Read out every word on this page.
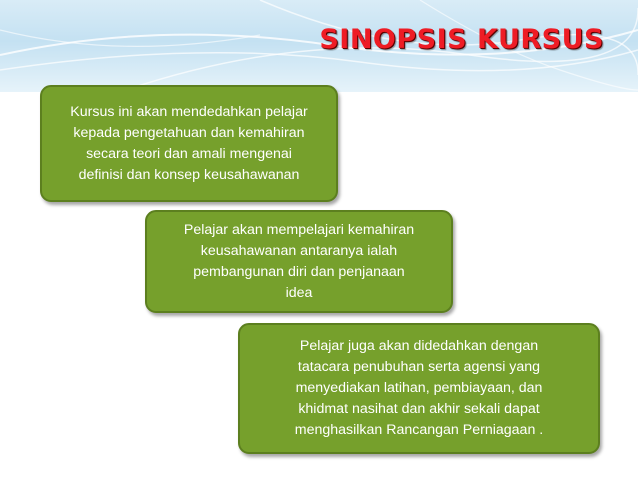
SINOPSIS KURSUS
Kursus ini akan mendedahkan pelajar
kepada pengetahuan dan kemahiran
secara teori dan amali mengenai
definisi dan konsep keusahawanan
Pelajar akan mempelajari kemahiran
keusahawanan antaranya ialah
pembangunan diri dan penjanaan
idea
Pelajar juga akan didedahkan dengan
tatacara penubuhan serta agensi yang
menyediakan latihan, pembiayaan, dan
khidmat nasihat dan akhir sekali dapat
menghasilkan Rancangan Perniagaan .
